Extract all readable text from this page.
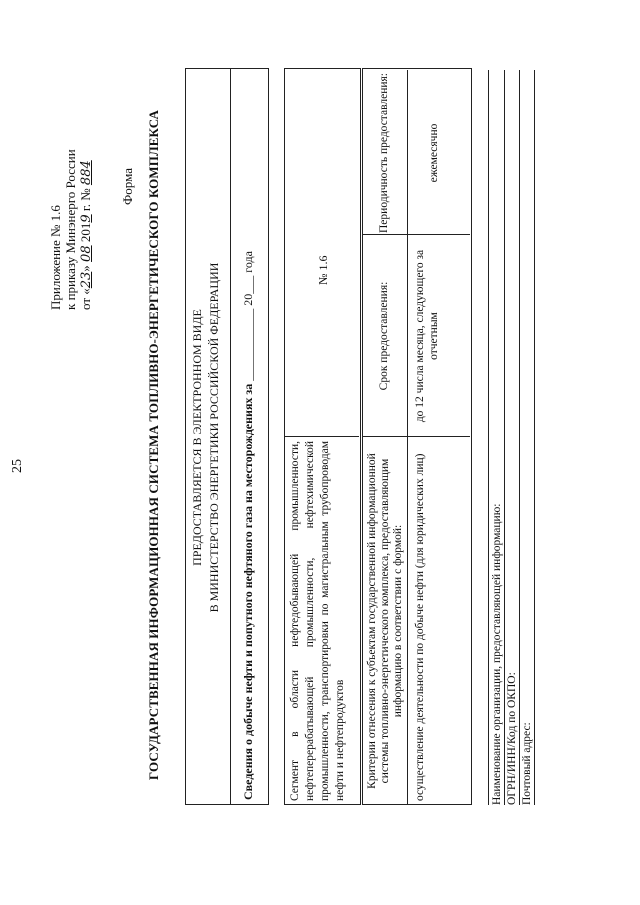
25
Приложение № 1.6 к приказу Минэнерго России от «23» 08 2019 г. № 884 Форма ГОСУДАРСТВЕННАЯ ИНФОРМАЦИОННАЯ СИСТЕМА ТОПЛИВНО-ЭНЕРГЕТИЧЕСКОГО КОМПЛЕКСА ПРЕДОСТАВЛЯЕТСЯ В ЭЛЕКТРОННОМ ВИДЕ В МИНИСТЕРСТВО ЭНЕРГЕТИКИ РОССИЙСКОЙ ФЕДЕРАЦИИ Сведения о добыче нефти и попутного нефтяного газа на месторождениях за ____________ 20___ года
Сегмент в области нефтедобывающей промышленности, нефтеперерабатывающей промышленности, нефтехимической промышленности, транспортировки по магистральным трубопроводам нефти и нефтепродуктов
№ 1.6
Критерии отнесения к субъектам государственной информационной системы топливно-энергетического комплекса, предоставляющим информацию в соответствии с формой:
Срок предоставления:
Периодичность предоставления:
осуществление деятельности по добыче нефти (для юридических лиц)
до 12 числа месяца, следующего за отчетным
ежемесячно
Наименование организации, предоставляющей информацию: ОГРН/ИНН/Код по ОКПО: Почтовый адрес:
